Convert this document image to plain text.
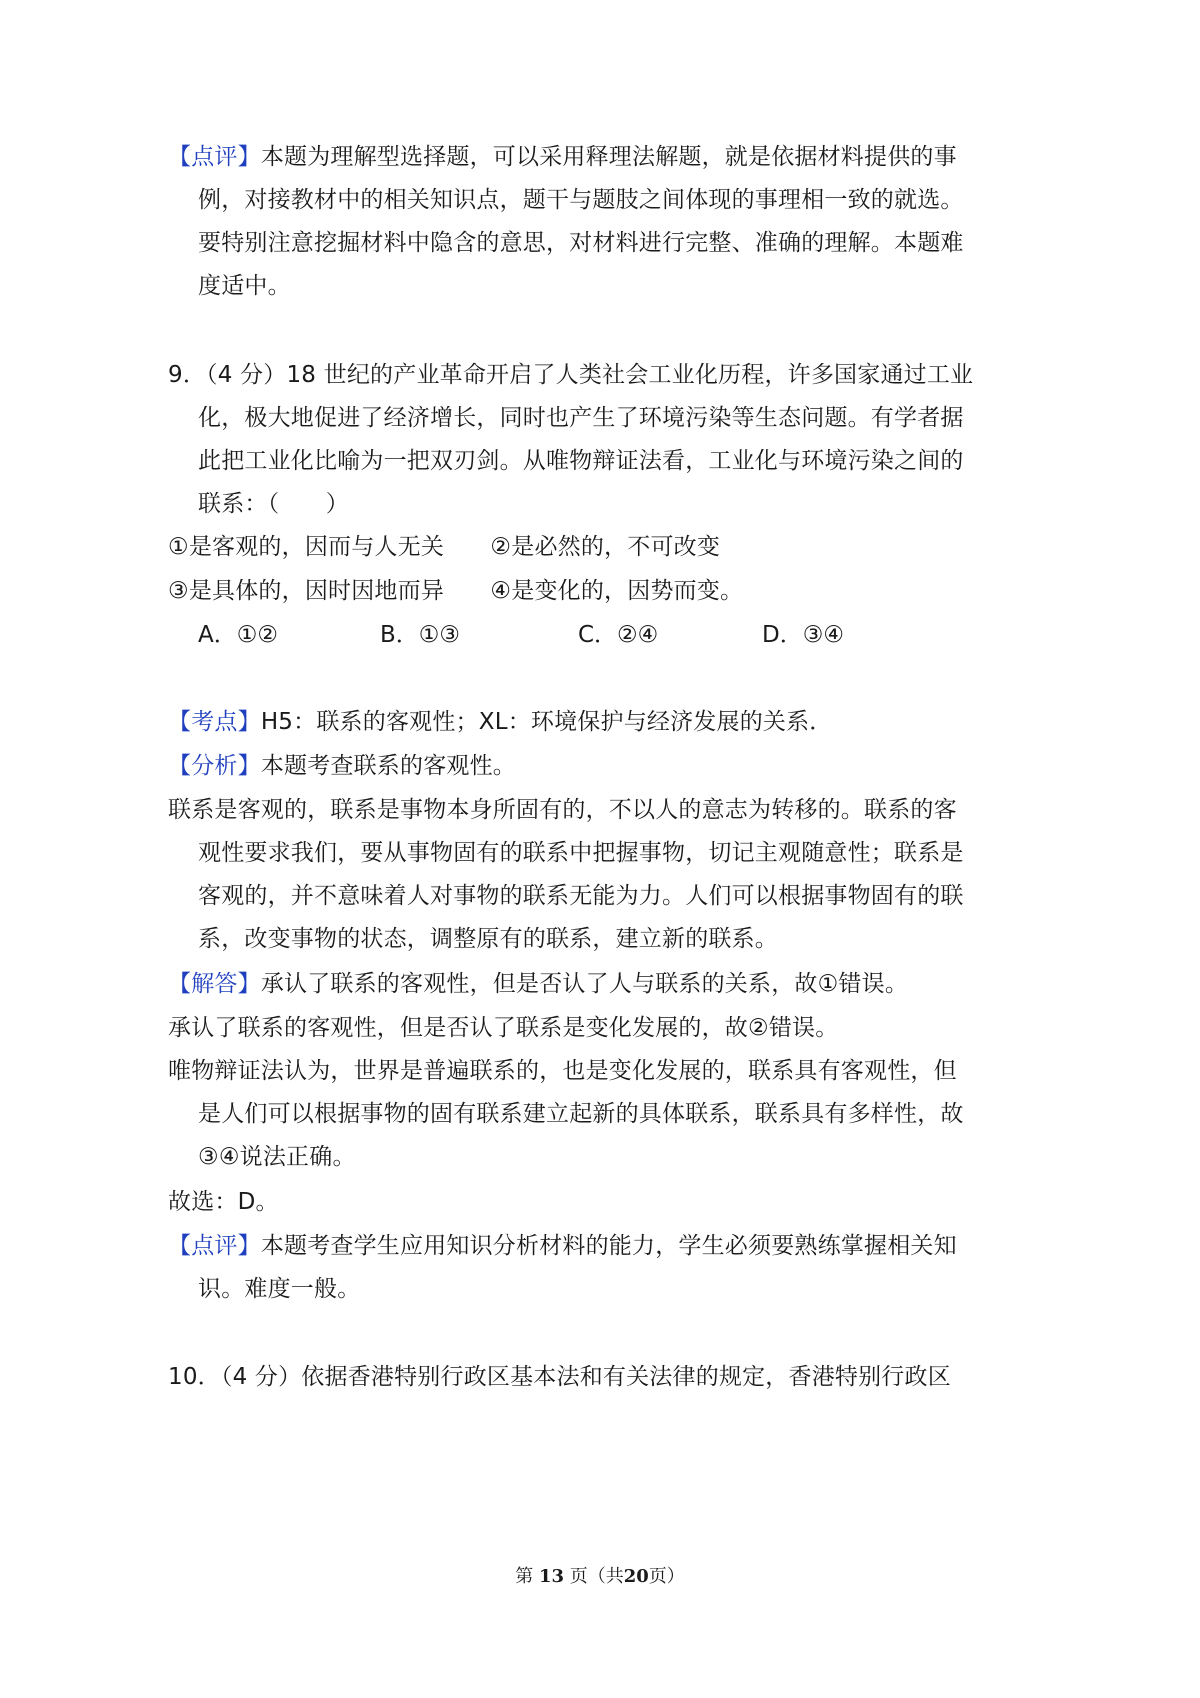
【点评】本题为理解型选择题，可以采用释理法解题，就是依据材料提供的事
例，对接教材中的相关知识点，题干与题肢之间体现的事理相一致的就选。
要特别注意挖掘材料中隐含的意思，对材料进行完整、准确的理解。本题难
度适中。
9．（4 分）18 世纪的产业革命开启了人类社会工业化历程，许多国家通过工业
化，极大地促进了经济增长，同时也产生了环境污染等生态问题。有学者据
此把工业化比喻为一把双刃剑。从唯物辩证法看，工业化与环境污染之间的
联系：（　　）
①是客观的，因而与人无关　　②是必然的，不可改变
③是具体的，因时因地而异　　④是变化的，因势而变。
A．①②	B．①③	C．②④	D．③④
【考点】H5：联系的客观性；XL：环境保护与经济发展的关系．
【分析】本题考查联系的客观性。
联系是客观的，联系是事物本身所固有的，不以人的意志为转移的。联系的客
观性要求我们，要从事物固有的联系中把握事物，切记主观随意性；联系是
客观的，并不意味着人对事物的联系无能为力。人们可以根据事物固有的联
系，改变事物的状态，调整原有的联系，建立新的联系。
【解答】承认了联系的客观性，但是否认了人与联系的关系，故①错误。
承认了联系的客观性，但是否认了联系是变化发展的，故②错误。
唯物辩证法认为，世界是普遍联系的，也是变化发展的，联系具有客观性，但
是人们可以根据事物的固有联系建立起新的具体联系，联系具有多样性，故
③④说法正确。
故选：D。
【点评】本题考查学生应用知识分析材料的能力，学生必须要熟练掌握相关知
识。难度一般。
10．（4 分）依据香港特别行政区基本法和有关法律的规定，香港特别行政区
第 13 页（共20页）
